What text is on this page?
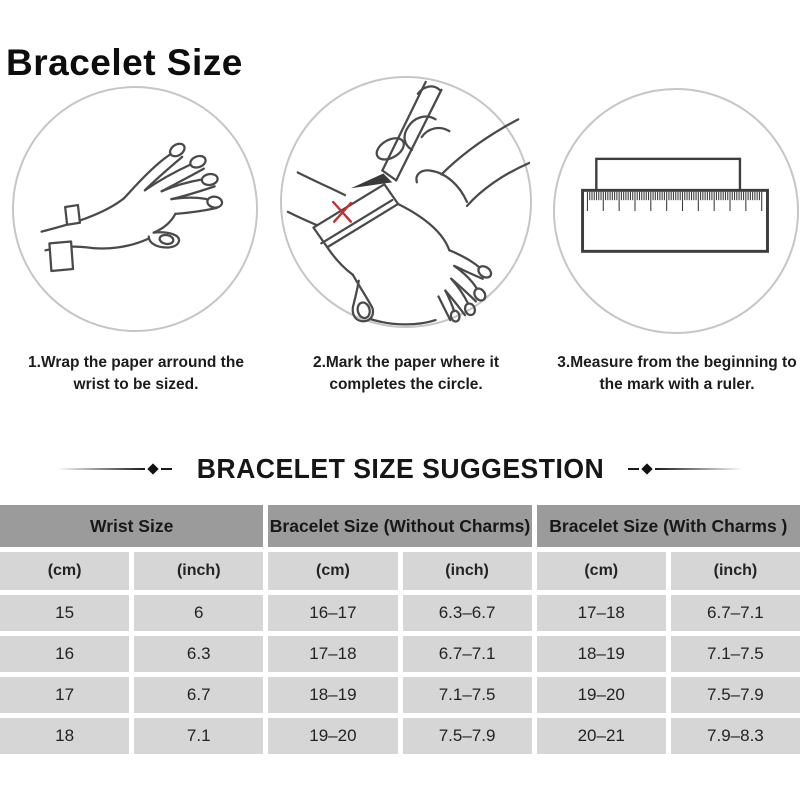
Bracelet Size
1.Wrap the paper arround the
wrist to be sized.
2.Mark the paper where it
completes the circle.
3.Measure from the beginning to
the mark with a ruler.
BRACELET SIZE SUGGESTION
Wrist Size	Bracelet Size (Without Charms)	Bracelet Size (With Charms )
(cm)	(inch)	(cm)	(inch)	(cm)	(inch)
15	6	16–17	6.3–6.7	17–18	6.7–7.1
16	6.3	17–18	6.7–7.1	18–19	7.1–7.5
17	6.7	18–19	7.1–7.5	19–20	7.5–7.9
18	7.1	19–20	7.5–7.9	20–21	7.9–8.3
